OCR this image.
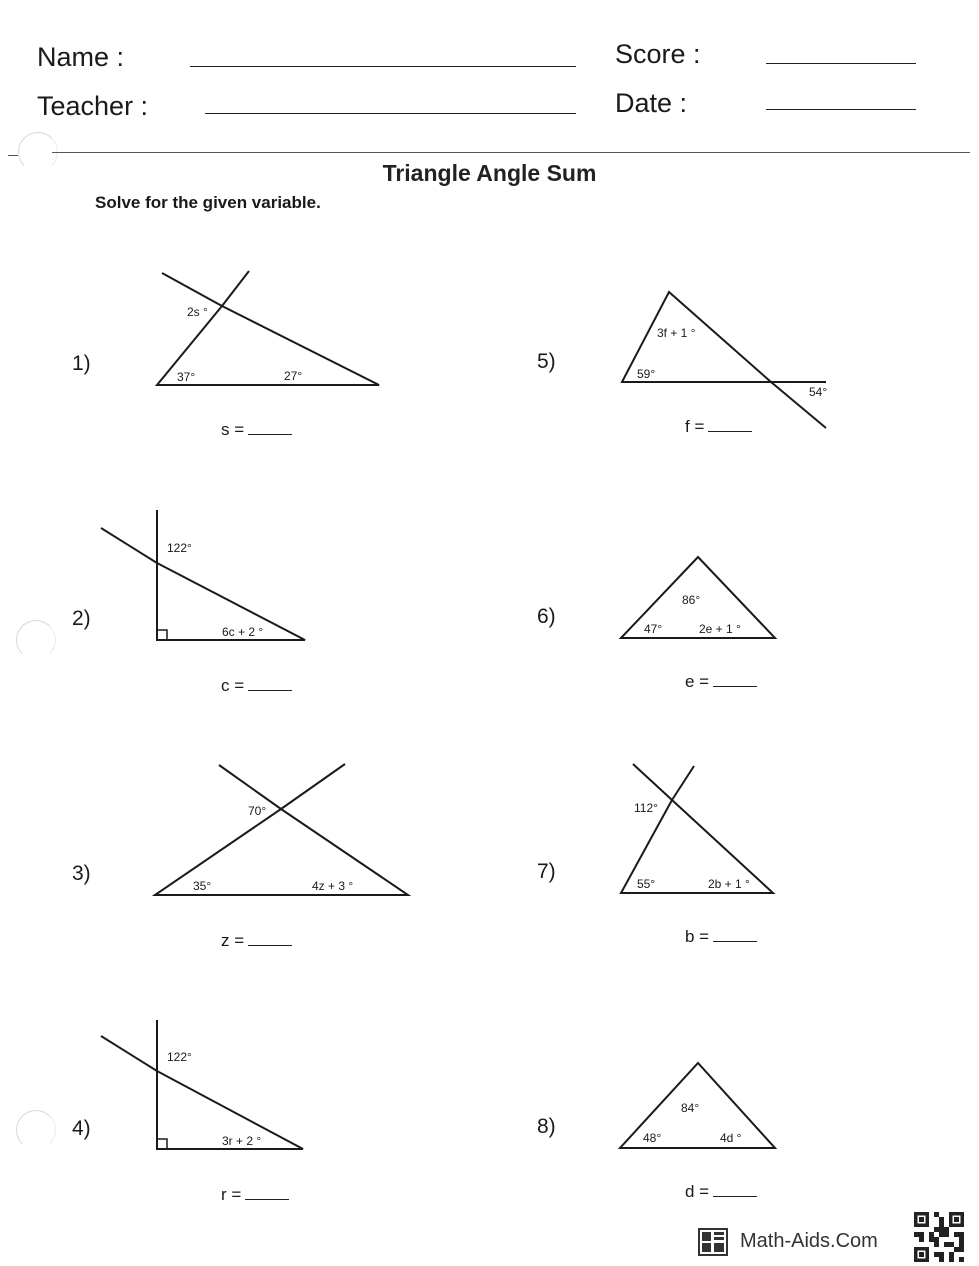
Name :
Teacher :
Score :
Date :
Triangle Angle Sum
Solve for the given variable.
1)
2)
3)
4)
5)
6)
7)
8)
s =
c =
z =
r =
f =
e =
b =
d =
2s °
37°	27°
122°
6c + 2 °
70°
35°	4z + 3 °
122°
3r + 2 °
3f + 1 °
59°
54°
86°
47°	2e + 1 °
112°
55°	2b + 1 °
84°
48°	4d °
Math-Aids.Com
